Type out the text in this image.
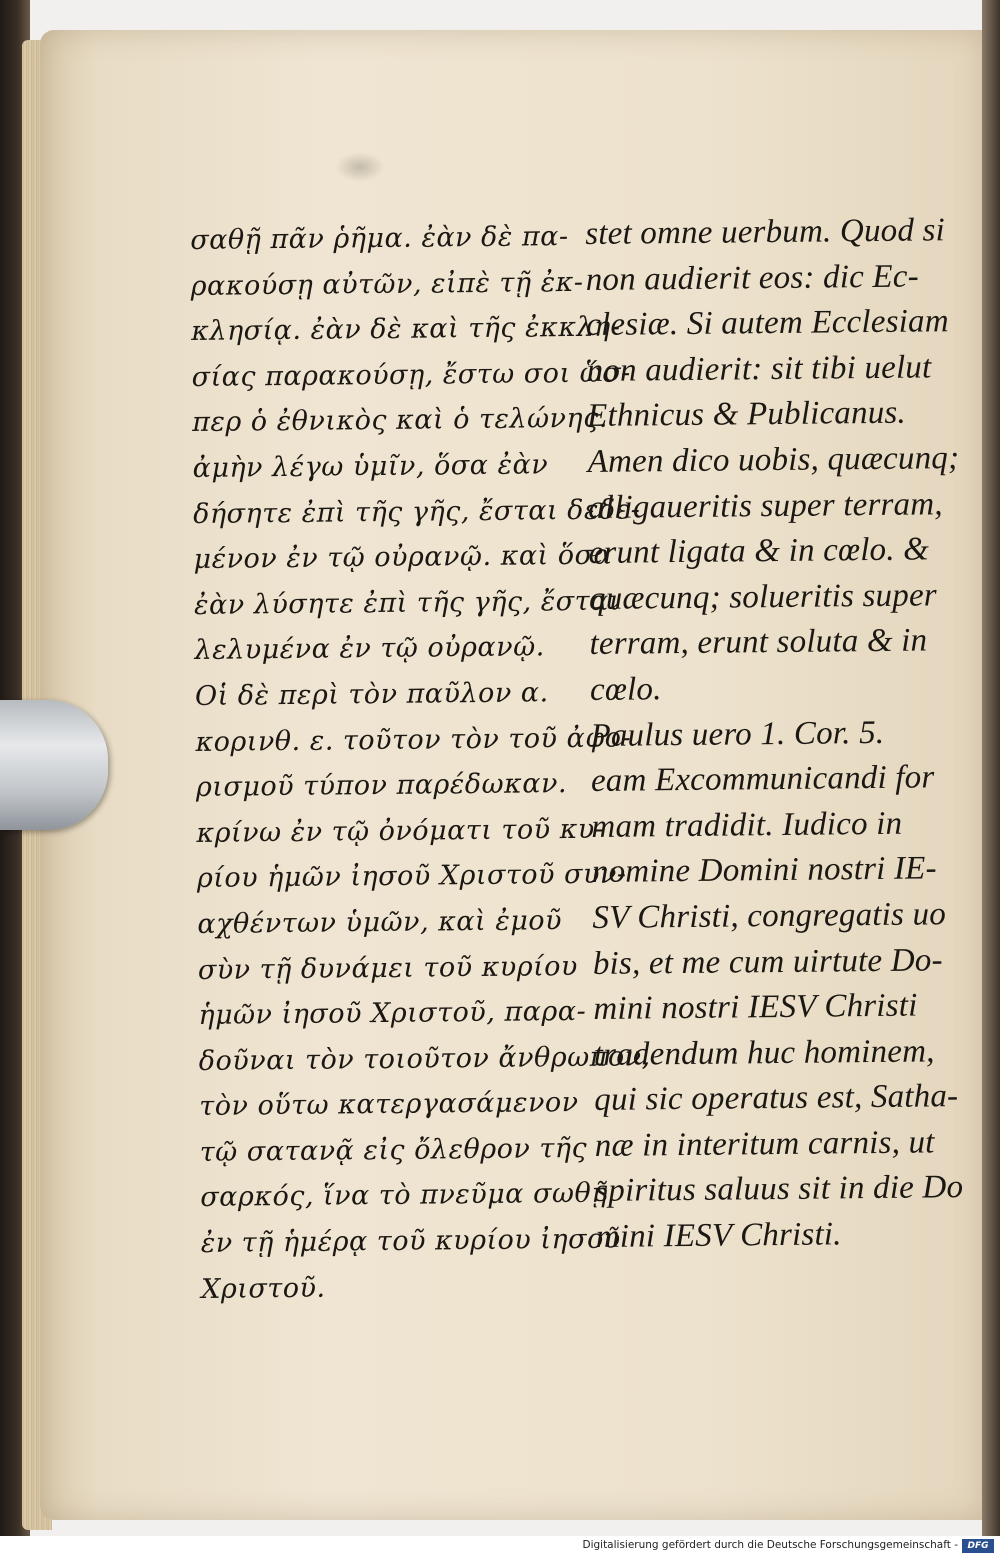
σαθῇ πᾶν ῥῆμα. ἐὰν δὲ πα-
ρακούσῃ αὐτῶν, εἰπὲ τῇ ἐκ-
κλησίᾳ. ἐὰν δὲ καὶ τῆς ἐκκλη-
σίας παρακούσῃ, ἔστω σοι ὥσ-
περ ὁ ἐθνικὸς καὶ ὁ τελώνης.
ἀμὴν λέγω ὑμῖν, ὅσα ἐὰν
δήσητε ἐπὶ τῆς γῆς, ἔσται δεδε-
μένον ἐν τῷ οὐρανῷ. καὶ ὅσα
ἐὰν λύσητε ἐπὶ τῆς γῆς, ἔσται
λελυμένα ἐν τῷ οὐρανῷ.
Οἱ δὲ περὶ τὸν παῦλον α.
κορινθ. ε. τοῦτον τὸν τοῦ ἀφο-
ρισμοῦ τύπον παρέδωκαν.
κρίνω ἐν τῷ ὀνόματι τοῦ κυ-
ρίου ἡμῶν ἰησοῦ Χριστοῦ συν-
αχθέντων ὑμῶν, καὶ ἐμοῦ
σὺν τῇ δυνάμει τοῦ κυρίου
ἡμῶν ἰησοῦ Χριστοῦ, παρα-
δοῦναι τὸν τοιοῦτον ἄνθρωπον,
τὸν οὕτω κατεργασάμενον
τῷ σατανᾷ εἰς ὄλεθρον τῆς
σαρκός, ἵνα τὸ πνεῦμα σωθῇ
ἐν τῇ ἡμέρᾳ τοῦ κυρίου ἰησοῦ
Χριστοῦ.
stet omne uerbum. Quod si
non audierit eos: dic Ec-
clesiæ. Si autem Ecclesiam
non audierit: sit tibi uelut
Ethnicus & Publicanus.
Amen dico uobis, quæcunq;
alligaueritis super terram,
erunt ligata & in cœlo. &
quæcunq; solueritis super
terram, erunt soluta & in
cœlo.
Paulus uero 1. Cor. 5.
eam Excommunicandi for
mam tradidit. Iudico in
nomine Domini nostri IE-
SV Christi, congregatis uo
bis, et me cum uirtute Do-
mini nostri IESV Christi
tradendum huc hominem,
qui sic operatus est, Satha-
næ in interitum carnis, ut
spiritus saluus sit in die Do
mini IESV Christi.
Digitalisierung gefördert durch die Deutsche Forschungsgemeinschaft -	DFG
